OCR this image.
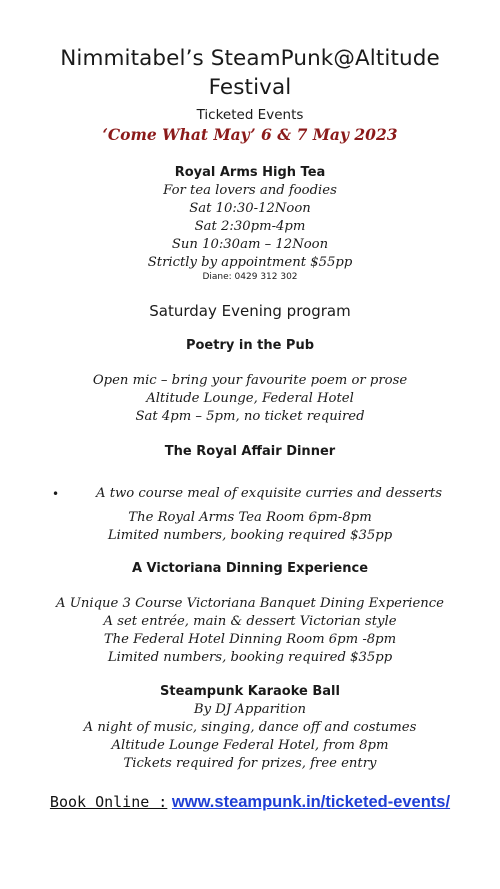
Nimmitabel’s SteamPunk@Altitude
Festival
Ticketed Events
‘Come What May’ 6 & 7 May 2023
Royal Arms High Tea
For tea lovers and foodies
Sat 10:30-12Noon
Sat 2:30pm-4pm
Sun 10:30am – 12Noon
Strictly by appointment $55pp
Diane: 0429 312 302
Saturday Evening program
Poetry in the Pub
Open mic – bring your favourite poem or prose
Altitude Lounge, Federal Hotel
Sat 4pm – 5pm, no ticket required
The Royal Affair Dinner
•	A two course meal of exquisite curries and desserts
The Royal Arms Tea Room 6pm-8pm
Limited numbers, booking required $35pp
A Victoriana Dinning Experience
A Unique 3 Course Victoriana Banquet Dining Experience
A set entrée, main & dessert Victorian style
The Federal Hotel Dinning Room 6pm -8pm
Limited numbers, booking required $35pp
Steampunk Karaoke Ball
By DJ Apparition
A night of music, singing, dance off and costumes
Altitude Lounge Federal Hotel, from 8pm
Tickets required for prizes, free entry
Book Online : www.steampunk.in/ticketed-events/
